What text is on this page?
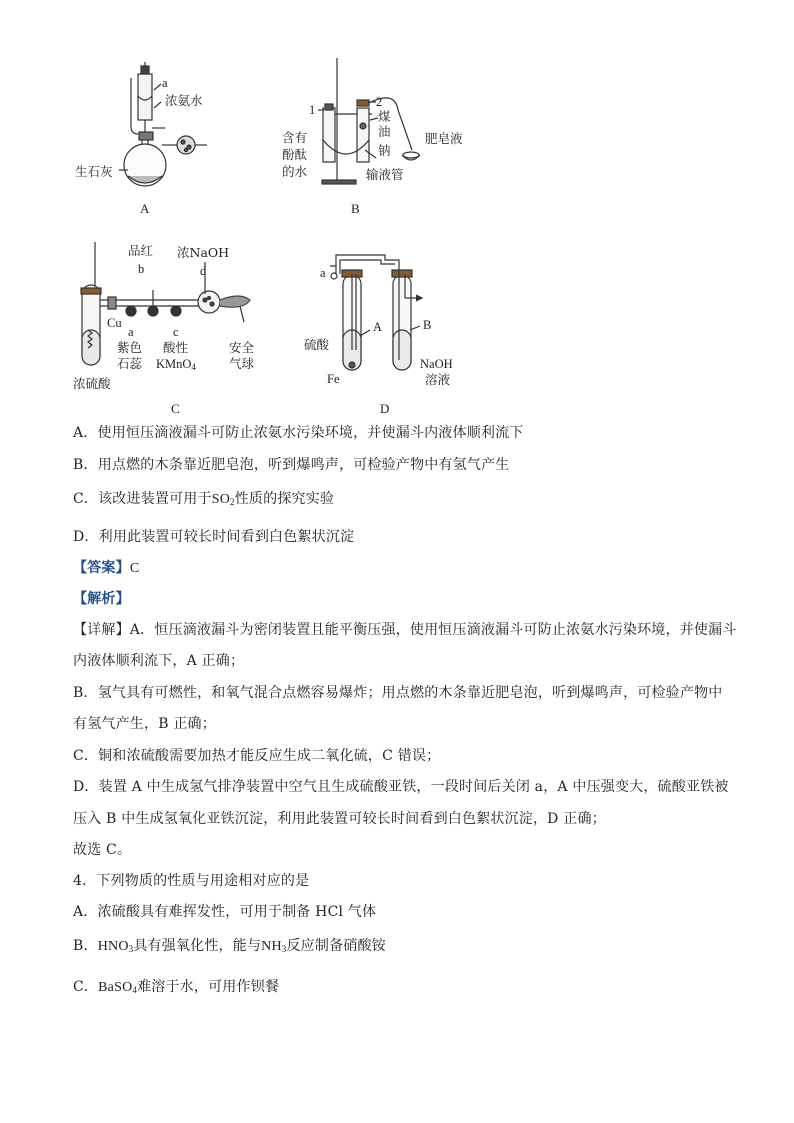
a
浓氨水
生石灰
A
1
2
煤
油
钠
肥皂液
含有
酚酞
的水	输液管
B
品红
b
浓NaOH
d
Cu
a
紫色
石蕊
c
酸性
KMnO$_4$
安全
气球
浓硫酸
C
a
A	B
硫酸
Fe
NaOH
溶液
D
A．使用恒压滴液漏斗可防止浓氨水污染环境，并使漏斗内液体顺利流下
B．用点燃的木条靠近肥皂泡，听到爆鸣声，可检验产物中有氢气产生
C．该改进装置可用于$SO_2$性质的探究实验
D．利用此装置可较长时间看到白色絮状沉淀
【答案】C
【解析】
【详解】A．恒压滴液漏斗为密闭装置且能平衡压强，使用恒压滴液漏斗可防止浓氨水污染环境，并使漏斗
内液体顺利流下，A 正确；
B．氢气具有可燃性，和氧气混合点燃容易爆炸；用点燃的木条靠近肥皂泡，听到爆鸣声，可检验产物中
有氢气产生，B 正确；
C．铜和浓硫酸需要加热才能反应生成二氧化硫，C 错误；
D．装置 A 中生成氢气排净装置中空气且生成硫酸亚铁，一段时间后关闭 a，A 中压强变大，硫酸亚铁被
压入 B 中生成氢氧化亚铁沉淀，利用此装置可较长时间看到白色絮状沉淀，D 正确；
故选 C。
4．下列物质的性质与用途相对应的是
A．浓硫酸具有难挥发性，可用于制备 HCl 气体
B．$HNO_3$具有强氧化性，能与$NH_3$反应制备硝酸铵
C．BaSO$_4$难溶于水，可用作钡餐
